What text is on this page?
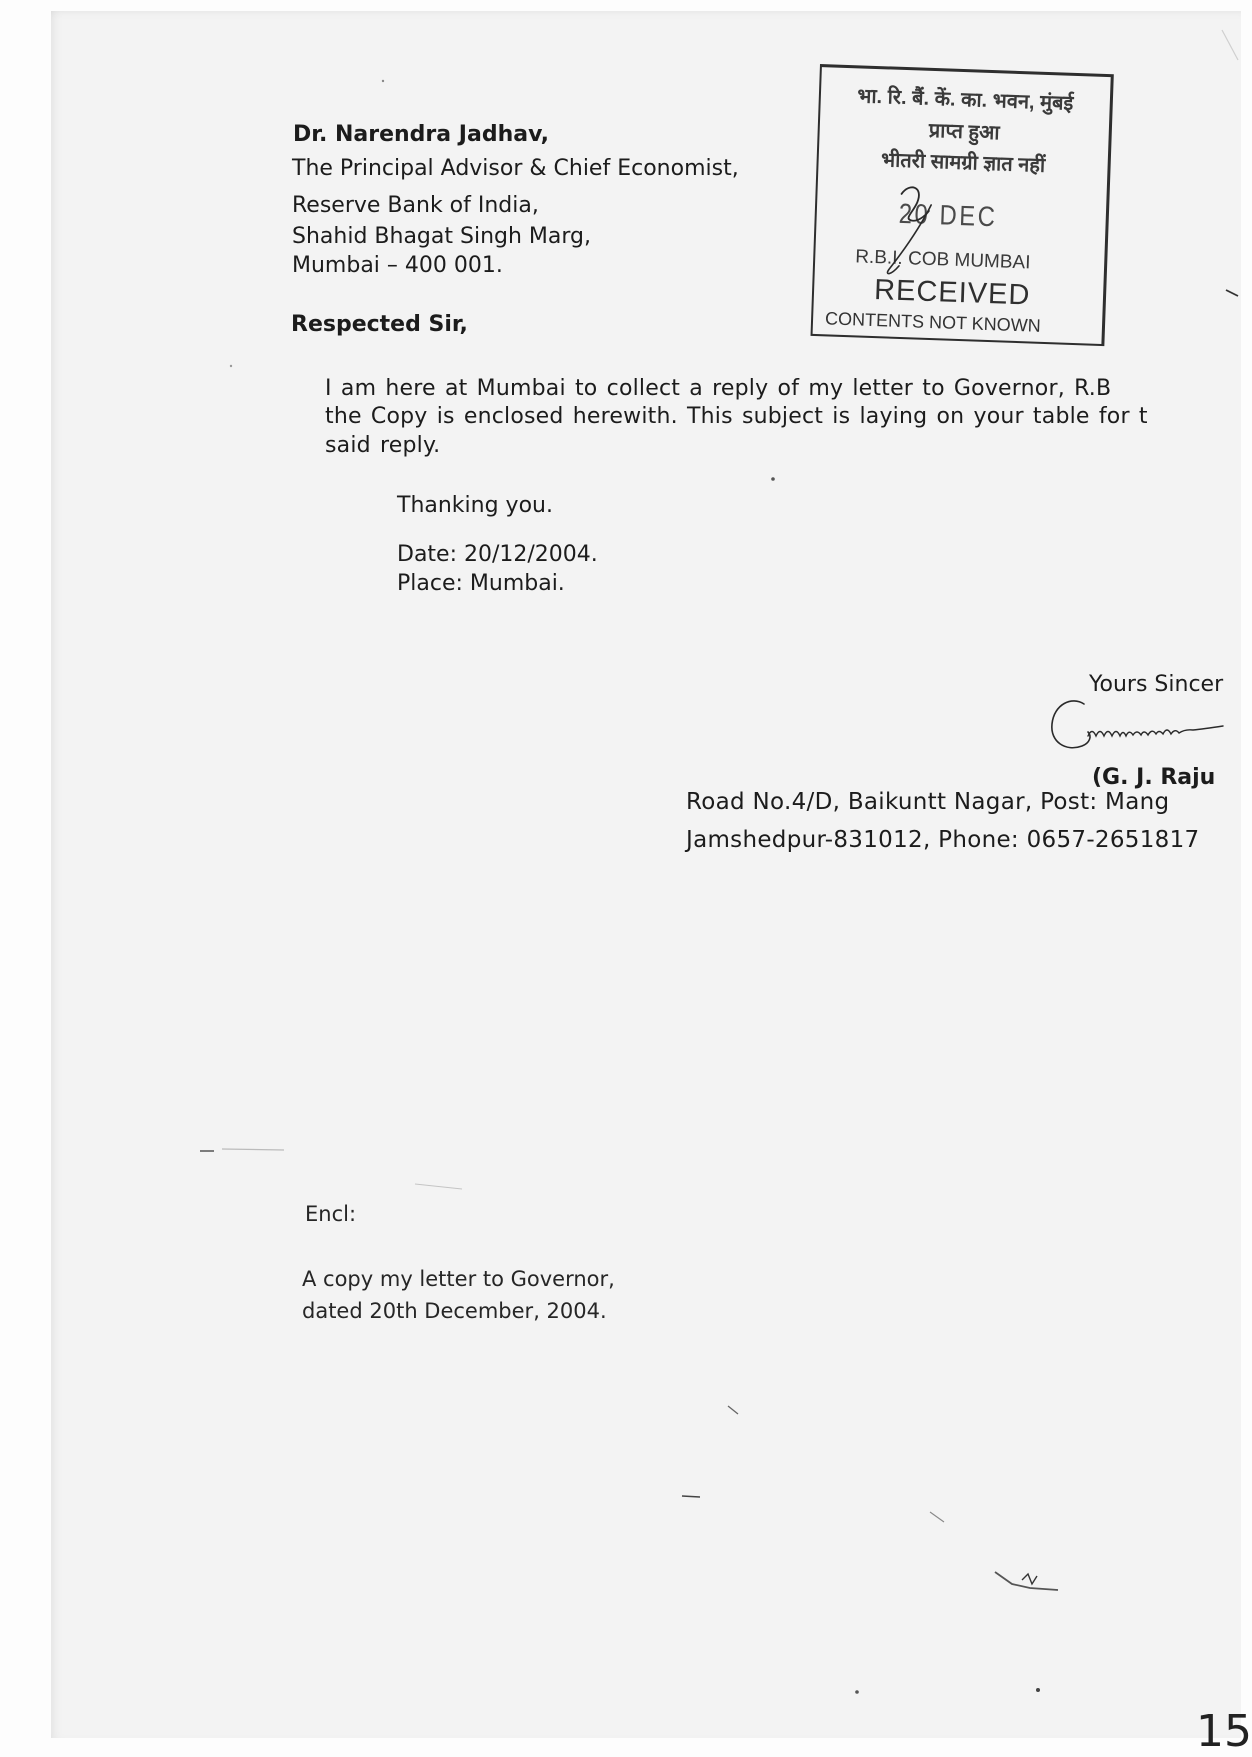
Dr. Narendra Jadhav,
The Principal Advisor & Chief Economist,
Reserve Bank of India,
Shahid Bhagat Singh Marg,
Mumbai – 400 001.
Respected Sir,
I am here at Mumbai to collect a reply of my letter to Governor, R.B
the Copy is enclosed herewith. This subject is laying on your table for t
said reply.
Thanking you.
Date: 20/12/2004.
Place: Mumbai.
Yours Sincer
(G. J. Raju
Road No.4/D, Baikuntt Nagar, Post: Mang
Jamshedpur-831012, Phone: 0657-2651817
Encl:
A copy my letter to Governor,
dated 20th December, 2004.
भा. रि. बैं. कें. का. भवन, मुंबई
प्राप्त हुआ
भीतरी सामग्री ज्ञात नहीं
20 DEC
R.B.I. COB MUMBAI
RECEIVED
CONTENTS NOT KNOWN
15
